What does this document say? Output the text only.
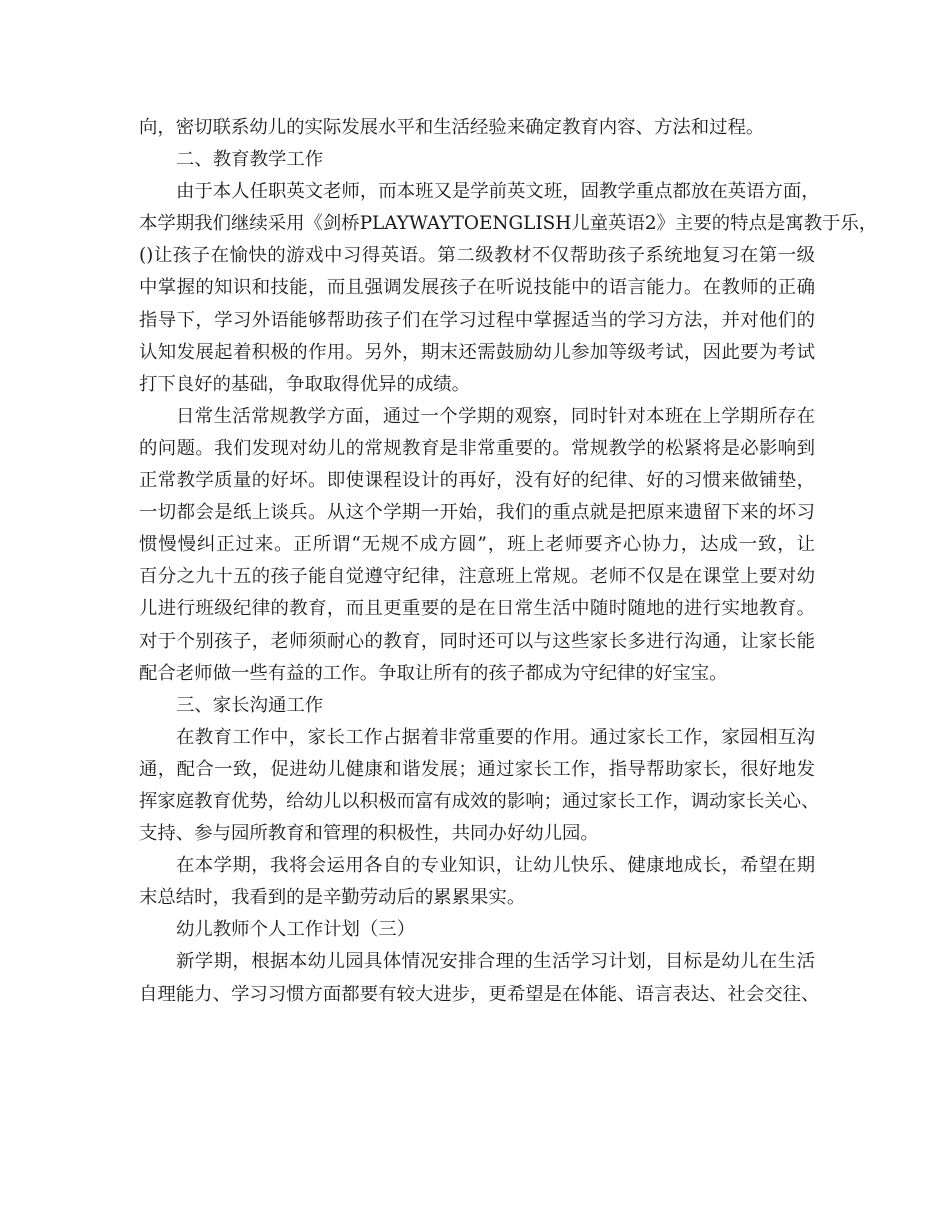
向，密切联系幼儿的实际发展水平和生活经验来确定教育内容、方法和过程。
二、教育教学工作
由于本人任职英文老师，而本班又是学前英文班，固教学重点都放在英语方面，
本学期我们继续采用《剑桥PLAYWAYTOENGLISH儿童英语2》主要的特点是寓教于乐，
()让孩子在愉快的游戏中习得英语。第二级教材不仅帮助孩子系统地复习在第一级
中掌握的知识和技能，而且强调发展孩子在听说技能中的语言能力。在教师的正确
指导下，学习外语能够帮助孩子们在学习过程中掌握适当的学习方法，并对他们的
认知发展起着积极的作用。另外，期末还需鼓励幼儿参加等级考试，因此要为考试
打下良好的基础，争取取得优异的成绩。
日常生活常规教学方面，通过一个学期的观察，同时针对本班在上学期所存在
的问题。我们发现对幼儿的常规教育是非常重要的。常规教学的松紧将是必影响到
正常教学质量的好坏。即使课程设计的再好，没有好的纪律、好的习惯来做铺垫，
一切都会是纸上谈兵。从这个学期一开始，我们的重点就是把原来遗留下来的坏习
惯慢慢纠正过来。正所谓“无规不成方圆”，班上老师要齐心协力，达成一致，让
百分之九十五的孩子能自觉遵守纪律，注意班上常规。老师不仅是在课堂上要对幼
儿进行班级纪律的教育，而且更重要的是在日常生活中随时随地的进行实地教育。
对于个别孩子，老师须耐心的教育，同时还可以与这些家长多进行沟通，让家长能
配合老师做一些有益的工作。争取让所有的孩子都成为守纪律的好宝宝。
三、家长沟通工作
在教育工作中，家长工作占据着非常重要的作用。通过家长工作，家园相互沟
通，配合一致，促进幼儿健康和谐发展；通过家长工作，指导帮助家长，很好地发
挥家庭教育优势，给幼儿以积极而富有成效的影响；通过家长工作，调动家长关心、
支持、参与园所教育和管理的积极性，共同办好幼儿园。
在本学期，我将会运用各自的专业知识，让幼儿快乐、健康地成长，希望在期
末总结时，我看到的是辛勤劳动后的累累果实。
幼儿教师个人工作计划（三）
新学期，根据本幼儿园具体情况安排合理的生活学习计划，目标是幼儿在生活
自理能力、学习习惯方面都要有较大进步，更希望是在体能、语言表达、社会交往、
